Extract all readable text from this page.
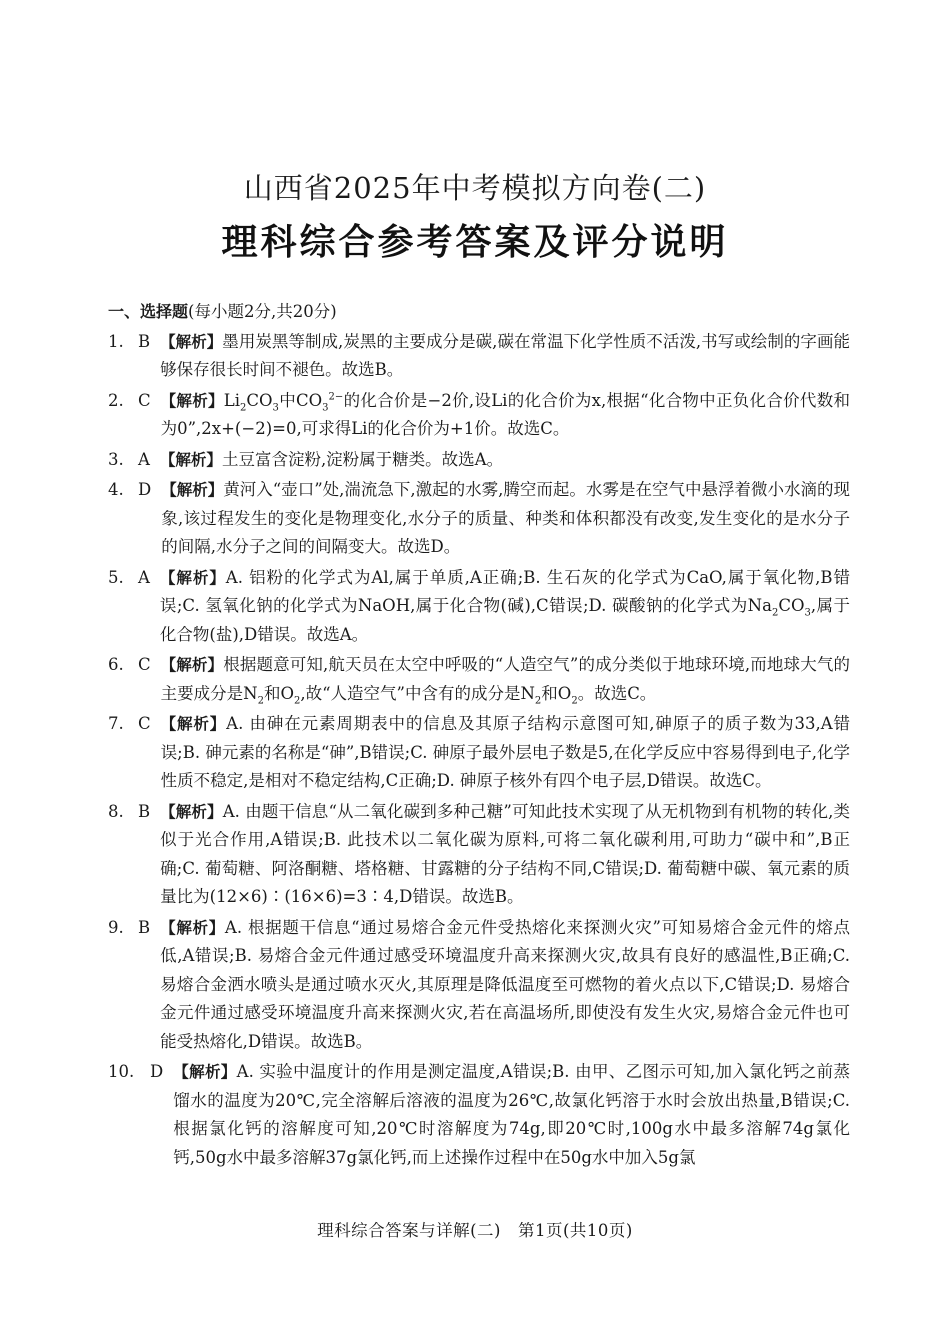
山西省2025年中考模拟方向卷(二)
理科综合参考答案及评分说明
一、选择题(每小题2分,共20分)
1. B 【解析】墨用炭黑等制成,炭黑的主要成分是碳,碳在常温下化学性质不活泼,书写或绘制的字画能够保存很长时间不褪色。故选B。
2. C 【解析】$Li_2CO_3$中$CO_3^{2-}$的化合价是−2价,设Li的化合价为x,根据“化合物中正负化合价代数和为0”,2x+(−2)=0,可求得Li的化合价为+1价。故选C。
3. A 【解析】土豆富含淀粉,淀粉属于糖类。故选A。
4. D 【解析】黄河入“壶口”处,湍流急下,激起的水雾,腾空而起。水雾是在空气中悬浮着微小水滴的现象,该过程发生的变化是物理变化,水分子的质量、种类和体积都没有改变,发生变化的是水分子的间隔,水分子之间的间隔变大。故选D。
5. A 【解析】A. 铝粉的化学式为Al,属于单质,A正确;B. 生石灰的化学式为CaO,属于氧化物,B错误;C. 氢氧化钠的化学式为NaOH,属于化合物(碱),C错误;D. 碳酸钠的化学式为$Na_2CO_3$,属于化合物(盐),D错误。故选A。
6. C 【解析】根据题意可知,航天员在太空中呼吸的“人造空气”的成分类似于地球环境,而地球大气的主要成分是$N_2$和$O_2$,故“人造空气”中含有的成分是$N_2$和$O_2$。故选C。
7. C 【解析】A. 由砷在元素周期表中的信息及其原子结构示意图可知,砷原子的质子数为33,A错误;B. 砷元素的名称是“砷”,B错误;C. 砷原子最外层电子数是5,在化学反应中容易得到电子,化学性质不稳定,是相对不稳定结构,C正确;D. 砷原子核外有四个电子层,D错误。故选C。
8. B 【解析】A. 由题干信息“从二氧化碳到多种己糖”可知此技术实现了从无机物到有机物的转化,类似于光合作用,A错误;B. 此技术以二氧化碳为原料,可将二氧化碳利用,可助力“碳中和”,B正确;C. 葡萄糖、阿洛酮糖、塔格糖、甘露糖的分子结构不同,C错误;D. 葡萄糖中碳、氧元素的质量比为(12×6)∶(16×6)=3∶4,D错误。故选B。
9. B 【解析】A. 根据题干信息“通过易熔合金元件受热熔化来探测火灾”可知易熔合金元件的熔点低,A错误;B. 易熔合金元件通过感受环境温度升高来探测火灾,故具有良好的感温性,B正确;C. 易熔合金洒水喷头是通过喷水灭火,其原理是降低温度至可燃物的着火点以下,C错误;D. 易熔合金元件通过感受环境温度升高来探测火灾,若在高温场所,即使没有发生火灾,易熔合金元件也可能受热熔化,D错误。故选B。
10. D 【解析】A. 实验中温度计的作用是测定温度,A错误;B. 由甲、乙图示可知,加入氯化钙之前蒸馏水的温度为20℃,完全溶解后溶液的温度为26℃,故氯化钙溶于水时会放出热量,B错误;C. 根据氯化钙的溶解度可知,20℃时溶解度为74g,即20℃时,100g水中最多溶解74g氯化钙,50g水中最多溶解37g氯化钙,而上述操作过程中在50g水中加入5g氯
理科综合答案与详解(二)　第1页(共10页)
